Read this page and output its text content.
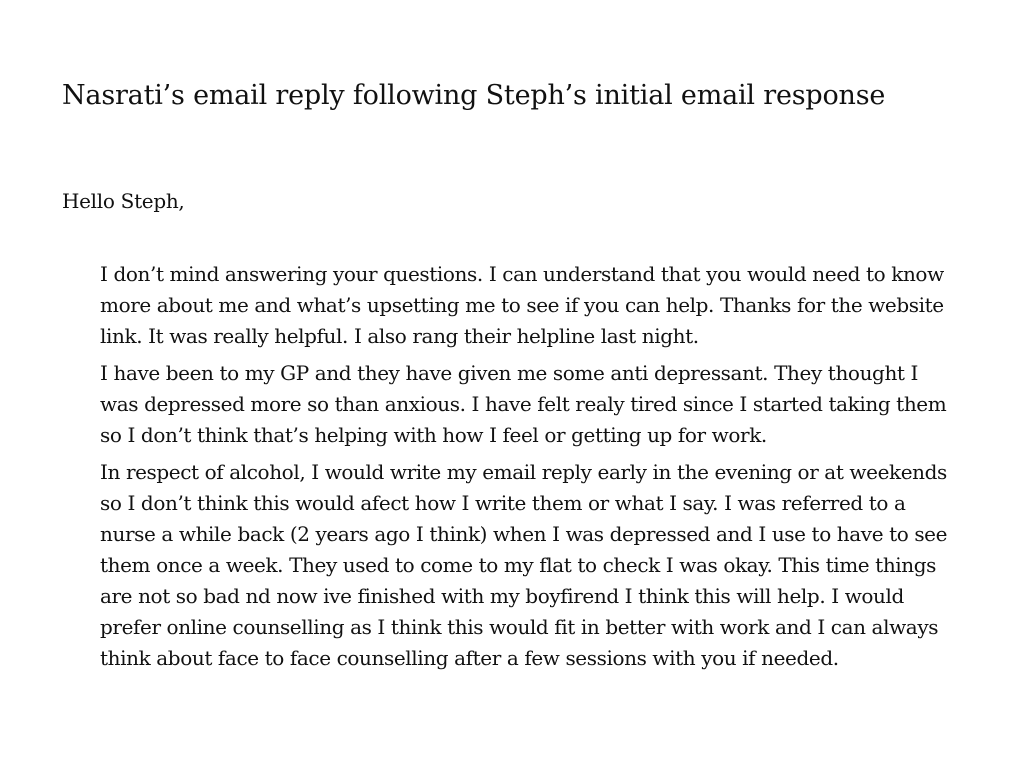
Nasrati’s email reply following Steph’s initial email response
Hello Steph,

I don’t mind answering your questions. I can understand that you would need to know
more about me and what’s upsetting me to see if you can help. Thanks for the website
link. It was really helpful. I also rang their helpline last night.

I have been to my GP and they have given me some anti depressant. They thought I
was depressed more so than anxious. I have felt realy tired since I started taking them
so I don’t think that’s helping with how I feel or getting up for work.

In respect of alcohol, I would write my email reply early in the evening or at weekends
so I don’t think this would afect how I write them or what I say. I was referred to a
nurse a while back (2 years ago I think) when I was depressed and I use to have to see
them once a week. They used to come to my flat to check I was okay. This time things
are not so bad nd now ive finished with my boyfirend I think this will help. I would
prefer online counselling as I think this would fit in better with work and I can always
think about face to face counselling after a few sessions with you if needed.
